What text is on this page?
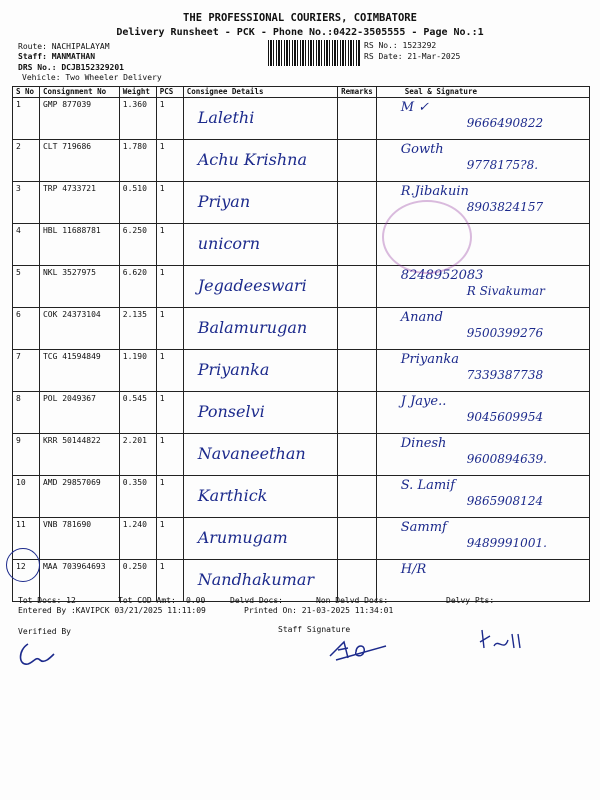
THE PROFESSIONAL COURIERS, COIMBATORE
Delivery Runsheet - PCK - Phone No.:0422-3505555 - Page No.:1
Route: NACHIPALAYAM
Staff: MANMATHAN
DRS No.: DCJB152329201
Vehicle: Two Wheeler Delivery
RS No.: 1523292
RS Date: 21-Mar-2025
S No	Consignment No	Weight	PCS	Consignee Details	Remarks	Seal & Signature
1	GMP 877039	1.360	1	Lalethi		M ✓
9666490822

2	CLT 719686	1.780	1	Achu Krishna		Gowth
9778175?8.

3	TRP 4733721	0.510	1	Priyan		R.Jibakuin
8903824157

4	HBL 11688781	6.250	1	unicorn		

5	NKL 3527975	6.620	1	Jegadeeswari		8248952083
R Sivakumar

6	COK 24373104	2.135	1	Balamurugan		Anand
9500399276

7	TCG 41594849	1.190	1	Priyanka		Priyanka
7339387738

8	POL 2049367	0.545	1	Ponselvi		J Jaye..
9045609954

9	KRR 50144822	2.201	1	Navaneethan		Dinesh
9600894639.

10	AMD 29857069	0.350	1	Karthick		S. Lamif
9865908124

11	VNB 781690	1.240	1	Arumugam		Sammf
9489991001.

12	MAA 703964693	0.250	1	Nandhakumar		H/R
Tot Docs: 12	Tot COD Amt: 0.00	Delvd Docs:	Non Delvd Docs:	Delvy Pts:
Entered By :KAVIPCK 03/21/2025 11:11:09	Printed On: 21-03-2025 11:34:01
Verified By	Staff Signature
